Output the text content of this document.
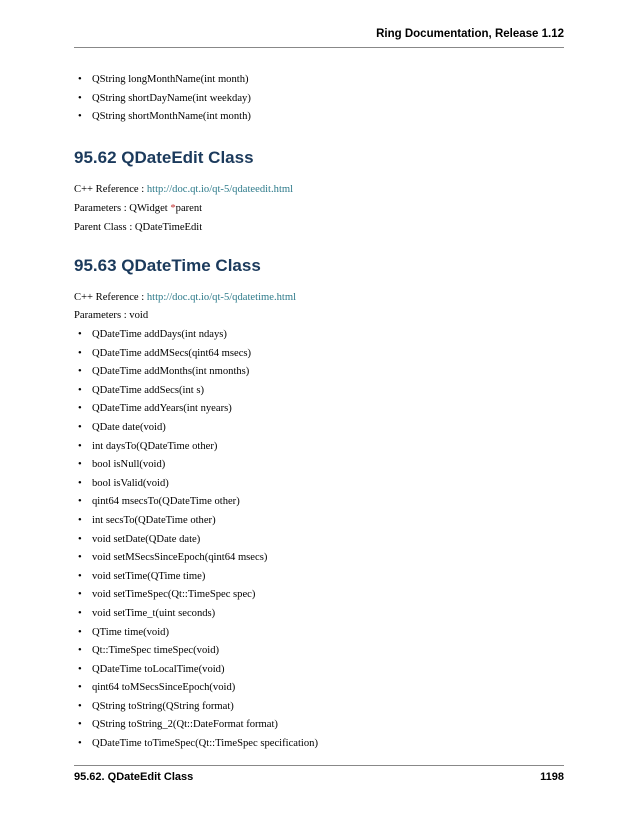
Ring Documentation, Release 1.12
• QString longMonthName(int month)
• QString shortDayName(int weekday)
• QString shortMonthName(int month)
95.62 QDateEdit Class
C++ Reference : http://doc.qt.io/qt-5/qdateedit.html
Parameters : QWidget *parent
Parent Class : QDateTimeEdit
95.63 QDateTime Class
C++ Reference : http://doc.qt.io/qt-5/qdatetime.html
Parameters : void
• QDateTime addDays(int ndays)
• QDateTime addMSecs(qint64 msecs)
• QDateTime addMonths(int nmonths)
• QDateTime addSecs(int s)
• QDateTime addYears(int nyears)
• QDate date(void)
• int daysTo(QDateTime other)
• bool isNull(void)
• bool isValid(void)
• qint64 msecsTo(QDateTime other)
• int secsTo(QDateTime other)
• void setDate(QDate date)
• void setMSecsSinceEpoch(qint64 msecs)
• void setTime(QTime time)
• void setTimeSpec(Qt::TimeSpec spec)
• void setTime_t(uint seconds)
• QTime time(void)
• Qt::TimeSpec timeSpec(void)
• QDateTime toLocalTime(void)
• qint64 toMSecsSinceEpoch(void)
• QString toString(QString format)
• QString toString_2(Qt::DateFormat format)
• QDateTime toTimeSpec(Qt::TimeSpec specification)
95.62. QDateEdit Class	1198
